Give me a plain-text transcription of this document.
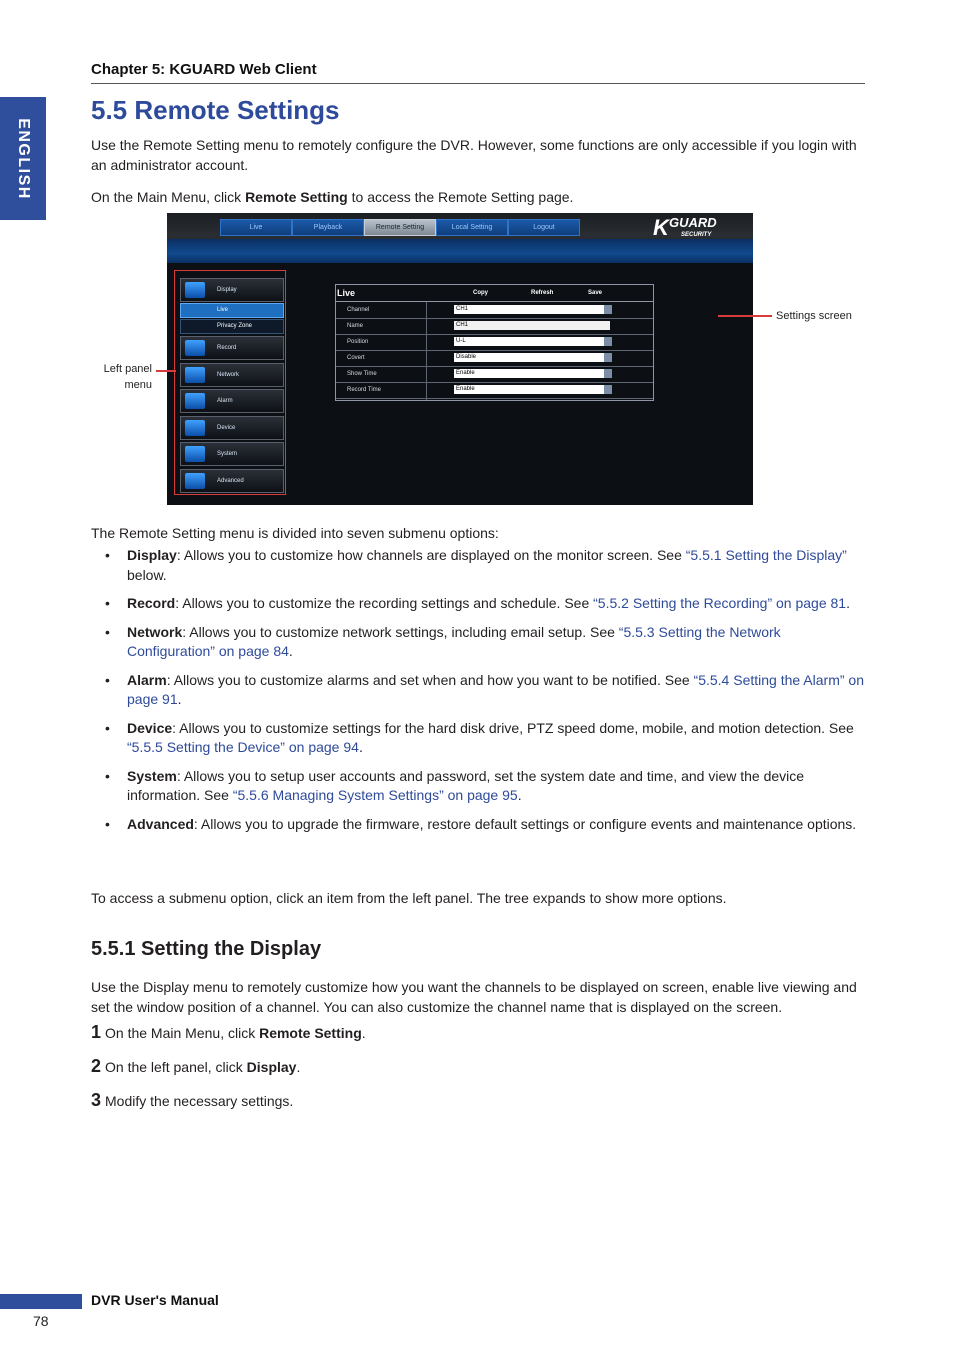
Chapter 5: KGUARD Web Client
ENGLISH
5.5 Remote Settings

Use the Remote Setting menu to remotely configure the DVR. However, some functions are only accessible if you login with an administrator account.

On the Main Menu, click Remote Setting to access the Remote Setting page.

Live	Playback	Remote Setting	Local Setting	Logout	K GUARD
SECURITY
Display
Live
Privacy Zone
Record
Network
Alarm
Device
System
Advanced
Live	Copy	Refresh	Save
Channel	CH1
Name	CH1
Position	U-L
Covert	Disable
Show Time	Enable
Record Time	Enable
Left panel menu
Settings screen

The Remote Setting menu is divided into seven submenu options:

• Display: Allows you to customize how channels are displayed on the monitor screen. See “5.5.1 Setting the Display” below.
• Record: Allows you to customize the recording settings and schedule. See “5.5.2 Setting the Recording” on page 81.
• Network: Allows you to customize network settings, including email setup. See “5.5.3 Setting the Network Configuration” on page 84.
• Alarm: Allows you to customize alarms and set when and how you want to be notified. See “5.5.4 Setting the Alarm” on page 91.
• Device: Allows you to customize settings for the hard disk drive, PTZ speed dome, mobile, and motion detection. See “5.5.5 Setting the Device” on page 94.
• System: Allows you to setup user accounts and password, set the system date and time, and view the device information. See “5.5.6 Managing System Settings” on page 95.
• Advanced: Allows you to upgrade the firmware, restore default settings or configure events and maintenance options.

To access a submenu option, click an item from the left panel. The tree expands to show more options.

5.5.1 Setting the Display

Use the Display menu to remotely customize how you want the channels to be displayed on screen, enable live viewing and set the window position of a channel. You can also customize the channel name that is displayed on the screen.

1 On the Main Menu, click Remote Setting.
2 On the left panel, click Display.
3 Modify the necessary settings.
DVR User's Manual
78
